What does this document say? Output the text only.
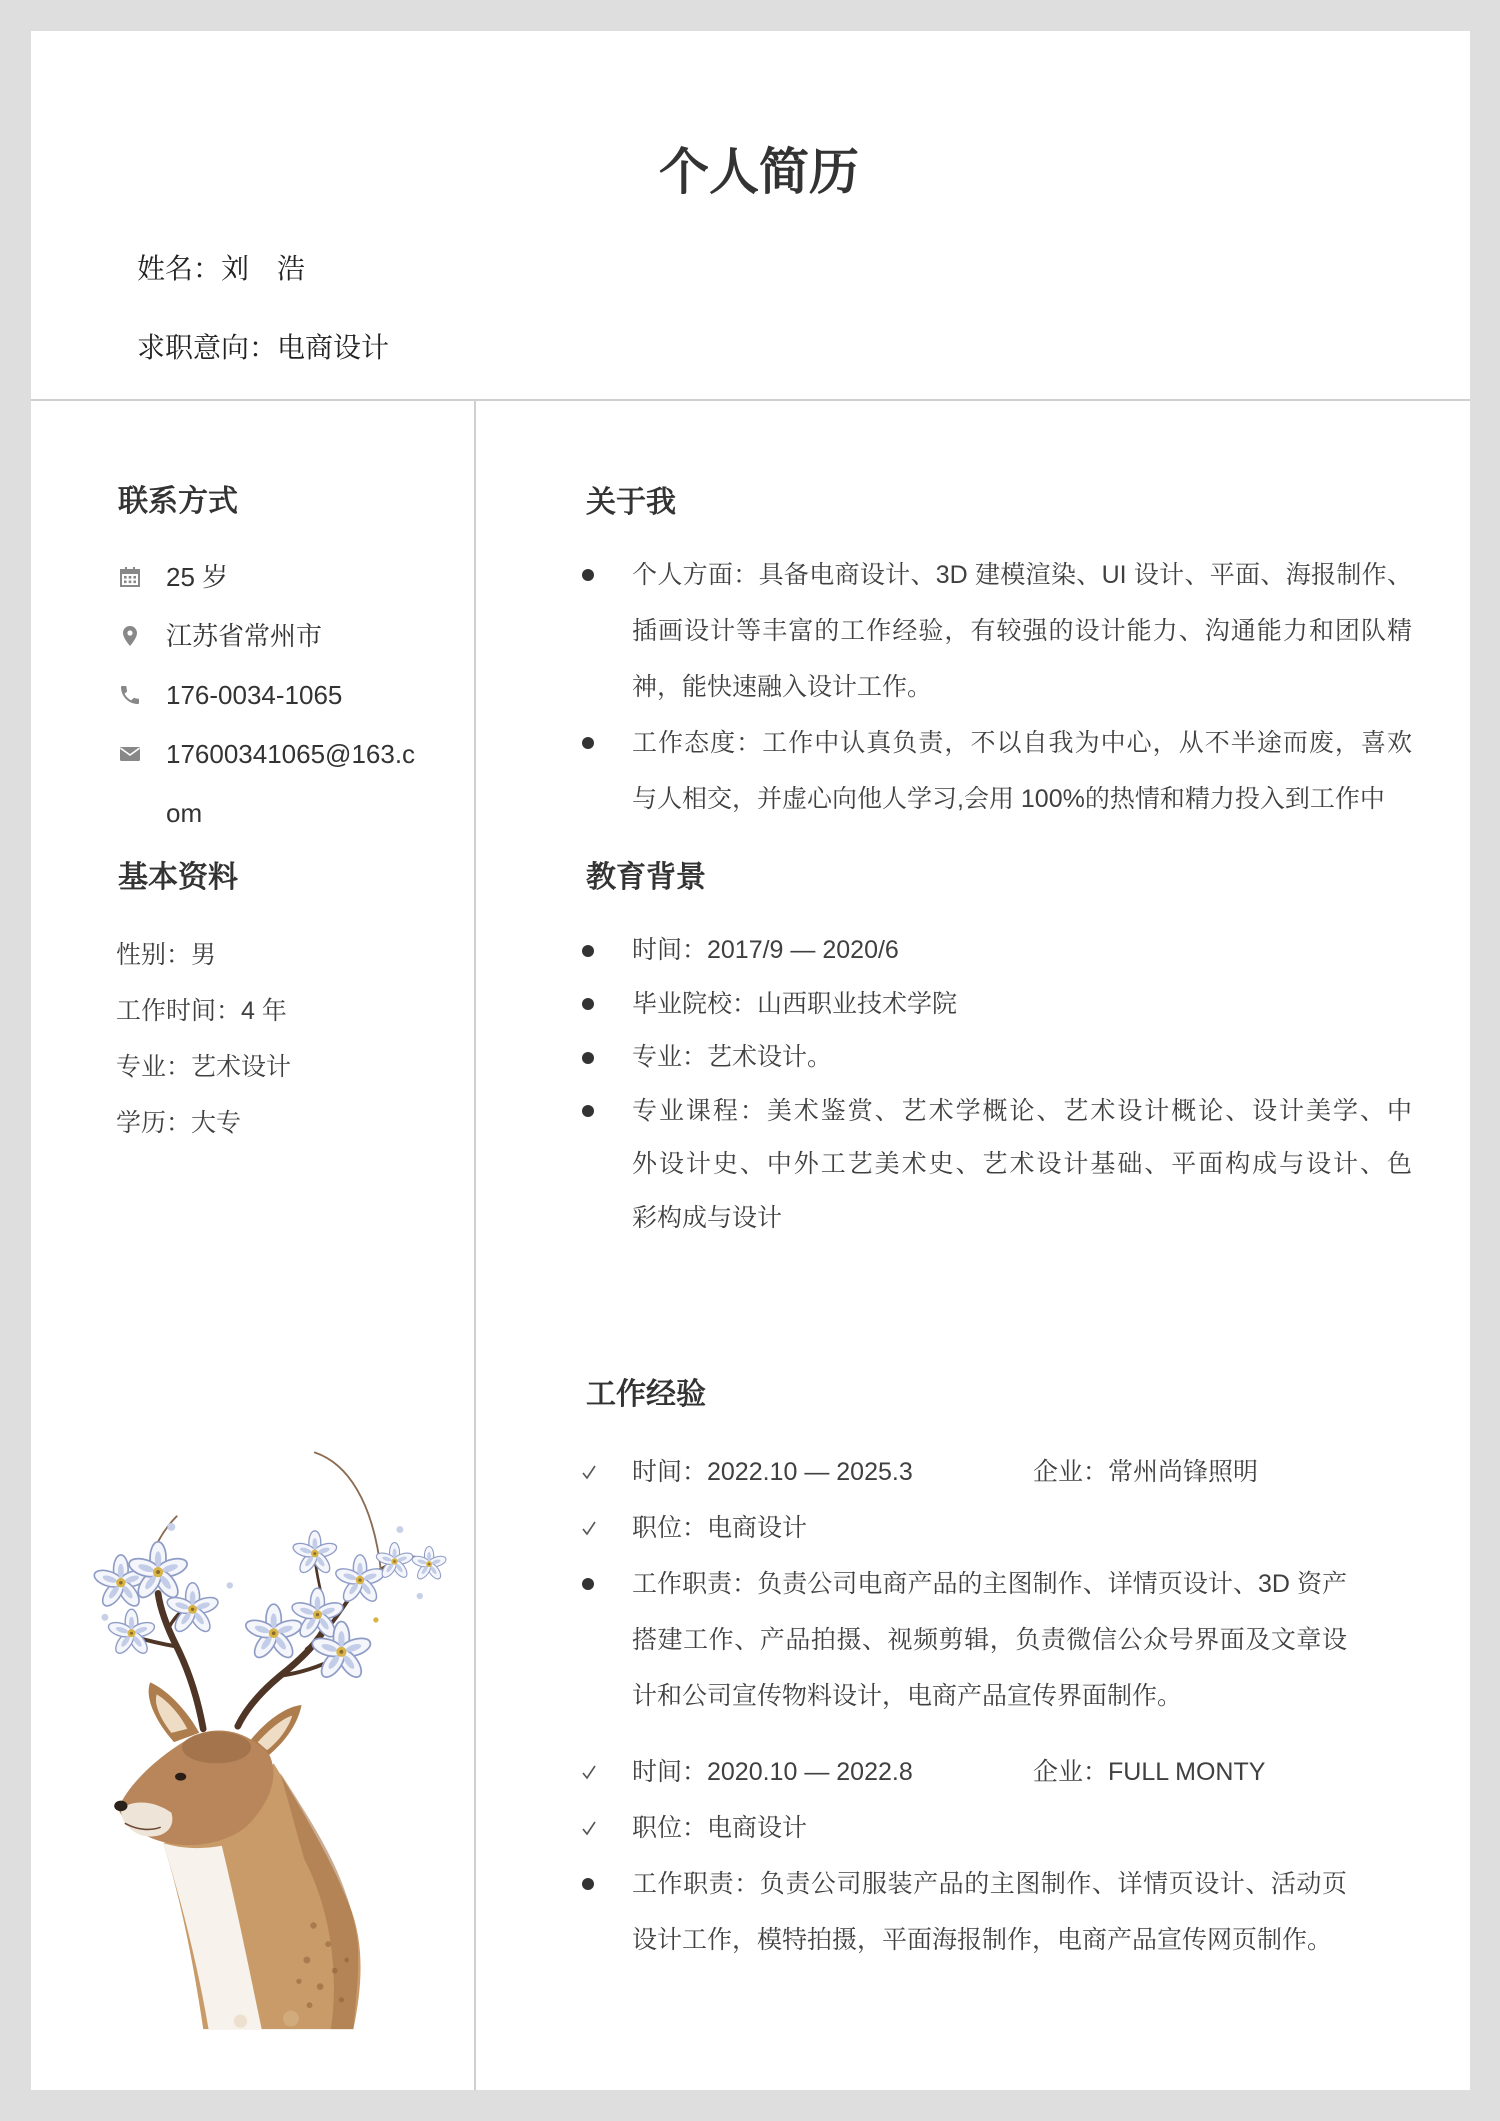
个人简历
姓名：刘　浩
求职意向：电商设计
联系方式
25 岁
江苏省常州市
176-0034-1065
17600341065@163.com
基本资料
性别：男
工作时间：4 年
专业：艺术设计
学历：大专
关于我
个人方面：具备电商设计、3D 建模渲染、UI 设计、平面、海报制作、
插画设计等丰富的工作经验，有较强的设计能力、沟通能力和团队精
神，能快速融入设计工作。
工作态度：工作中认真负责，不以自我为中心，从不半途而废，喜欢
与人相交，并虚心向他人学习,会用 100%的热情和精力投入到工作中
教育背景
时间：2017/9 — 2020/6
毕业院校：山西职业技术学院
专业：艺术设计。
专业课程：美术鉴赏、艺术学概论、艺术设计概论、设计美学、中
外设计史、中外工艺美术史、艺术设计基础、平面构成与设计、色
彩构成与设计
工作经验
时间：2022.10 — 2025.3	企业：常州尚锋照明
职位：电商设计
工作职责：负责公司电商产品的主图制作、详情页设计、3D 资产
搭建工作、产品拍摄、视频剪辑，负责微信公众号界面及文章设
计和公司宣传物料设计，电商产品宣传界面制作。
时间：2020.10 — 2022.8	企业：FULL MONTY
职位：电商设计
工作职责：负责公司服装产品的主图制作、详情页设计、活动页
设计工作，模特拍摄，平面海报制作，电商产品宣传网页制作。
